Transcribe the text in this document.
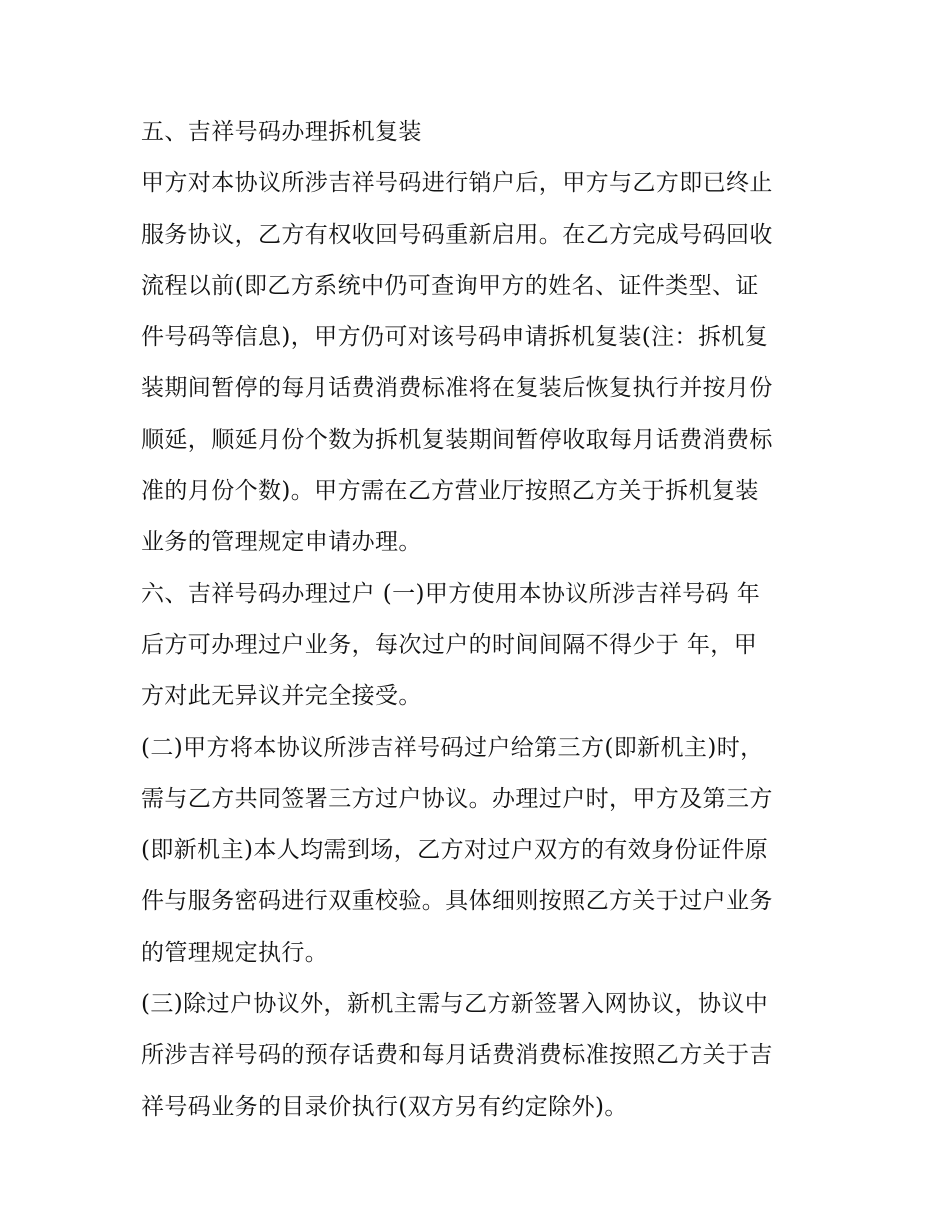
五、吉祥号码办理拆机复装
甲方对本协议所涉吉祥号码进行销户后，甲方与乙方即已终止
服务协议，乙方有权收回号码重新启用。在乙方完成号码回收
流程以前(即乙方系统中仍可查询甲方的姓名、证件类型、证
件号码等信息)，甲方仍可对该号码申请拆机复装(注：拆机复
装期间暂停的每月话费消费标准将在复装后恢复执行并按月份
顺延，顺延月份个数为拆机复装期间暂停收取每月话费消费标
准的月份个数)。甲方需在乙方营业厅按照乙方关于拆机复装
业务的管理规定申请办理。
六、吉祥号码办理过户 (一)甲方使用本协议所涉吉祥号码 年
后方可办理过户业务，每次过户的时间间隔不得少于 年，甲
方对此无异议并完全接受。
(二)甲方将本协议所涉吉祥号码过户给第三方(即新机主)时，
需与乙方共同签署三方过户协议。办理过户时，甲方及第三方
(即新机主)本人均需到场，乙方对过户双方的有效身份证件原
件与服务密码进行双重校验。具体细则按照乙方关于过户业务
的管理规定执行。
(三)除过户协议外，新机主需与乙方新签署入网协议，协议中
所涉吉祥号码的预存话费和每月话费消费标准按照乙方关于吉
祥号码业务的目录价执行(双方另有约定除外)。
